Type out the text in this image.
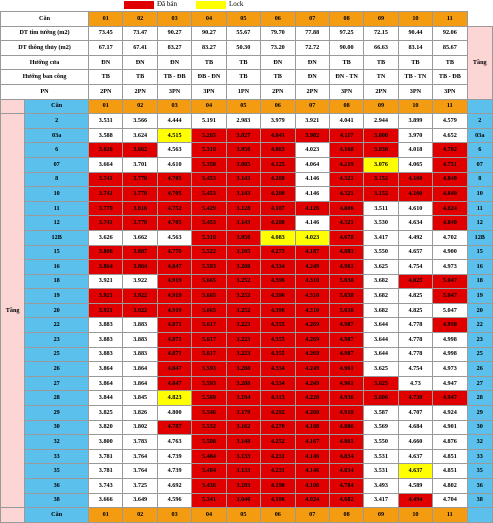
Đã bán	Lock
Căn		01	02	03	04	05	06	07	08	09	10	11	
DT tim tường (m2)		73.45	73.47	90.27	90.27	55.67	79.70	77.88	97.25	72.15	90.44	92.06	Tầng
DT thông thủy (m2)		67.17	67.41	83.27	83.27	50.30	73.20	72.72	90.00	66.63	83.14	85.67	
Hướng cửa		ĐN	ĐN	ĐN	TB	TB	ĐN	ĐN	TB	TB	TB	TB	
Hướng ban công		TB	TB	TB - ĐB	ĐB - ĐN	TB	TB	ĐN	ĐN - TN	TN	TB - TN	TB - ĐB	
PN		2PN	2PN	3PN	3PN	1PN	2PN	2PN	3PN	2PN	3PN	3PN	
	Căn	01	02	03	04	05	06	07	08	09	10	11	
Tầng	2	3.531	3.566	4.444	5.191	2.983	3.979	3.921	4.041	2.944	3.899	4.579	2
	03a	3.588	3.624	4.515	5.265	3.027	4.041	3.982	4.117	3.000	3.970	4.652	03a
	6	3.626	3.662	4.563	5.310	3.056	4.083	4.023	4.168	3.038	4.018	4.702	6
	07	3.664	3.701	4.610	5.358	3.085	4.125	4.064	4.219	3.076	4.065	4.751	07
	8	3.741	3.778	4.705	5.453	3.143	4.208	4.146	4.321	3.152	4.160	4.849	8
	10	3.741	3.778	4.705	5.453	3.143	4.208	4.146	4.321	3.152	4.160	4.849	10
	11	3.779	3.816	4.752	5.429	3.128	4.187	4.126	4.806	3.511	4.610	4.824	11
	12	3.741	3.778	4.705	5.453	3.143	4.208	4.146	4.321	3.530	4.634	4.849	12
	12B	3.626	3.662	4.563	5.310	3.056	4.083	4.023	4.678	3.417	4.492	4.702	12B
	15	3.806	3.887	4.770	5.522	3.165	4.273	4.187	4.883	3.550	4.657	4.900	15
	16	3.864	3.864	4.847	5.593	3.208	4.334	4.249	4.961	3.625	4.754	4.973	16
	18	3.921	3.922	4.919	5.665	3.252	4.396	4.310	5.038	3.682	4.825	5.047	18
	19	3.921	3.922	4.919	5.665	3.252	4.396	4.310	5.038	3.682	4.825	5.047	19
	20	3.921	3.922	4.919	5.665	3.252	4.396	4.310	5.038	3.682	4.825	5.047	20
	22	3.883	3.883	4.871	5.617	3.223	4.355	4.269	4.987	3.644	4.778	4.998	22
	23	3.883	3.883	4.871	5.617	3.223	4.355	4.269	4.987	3.644	4.778	4.998	23
	25	3.883	3.883	4.871	5.617	3.223	4.355	4.269	4.987	3.644	4.778	4.998	25
	26	3.864	3.864	4.847	5.593	3.208	4.334	4.249	4.961	3.625	4.754	4.973	26
	27	3.864	3.864	4.847	5.593	3.208	4.334	4.249	4.961	3.625	4.73	4.947	27
	28	3.844	3.845	4.823	5.569	3.194	4.313	4.228	4.936	3.606	4.730	4.947	28
	29	3.825	3.826	4.800	5.546	3.179	4.292	4.208	4.910	3.587	4.707	4.924	29
	30	3.820	3.802	4.787	5.532	3.162	4.270	4.188	4.886	3.569	4.684	4.901	30
	32	3.800	3.783	4.763	5.508	3.148	4.252	4.167	4.861	3.550	4.660	4.876	32
	33	3.781	3.764	4.739	5.484	3.133	4.231	4.146	4.834	3.531	4.637	4.851	33
	35	3.781	3.764	4.739	5.484	3.133	4.231	4.146	4.834	3.531	4.637	4.851	35
	36	3.743	3.725	4.692	5.436	3.103	4.190	4.106	4.784	3.493	4.589	4.802	36
	38	3.666	3.649	4.596	5.341	3.046	4.106	4.024	4.682	3.417	4.494	4.704	38
	Căn	01	02	03	04	05	06	07	08	09	10	11	
